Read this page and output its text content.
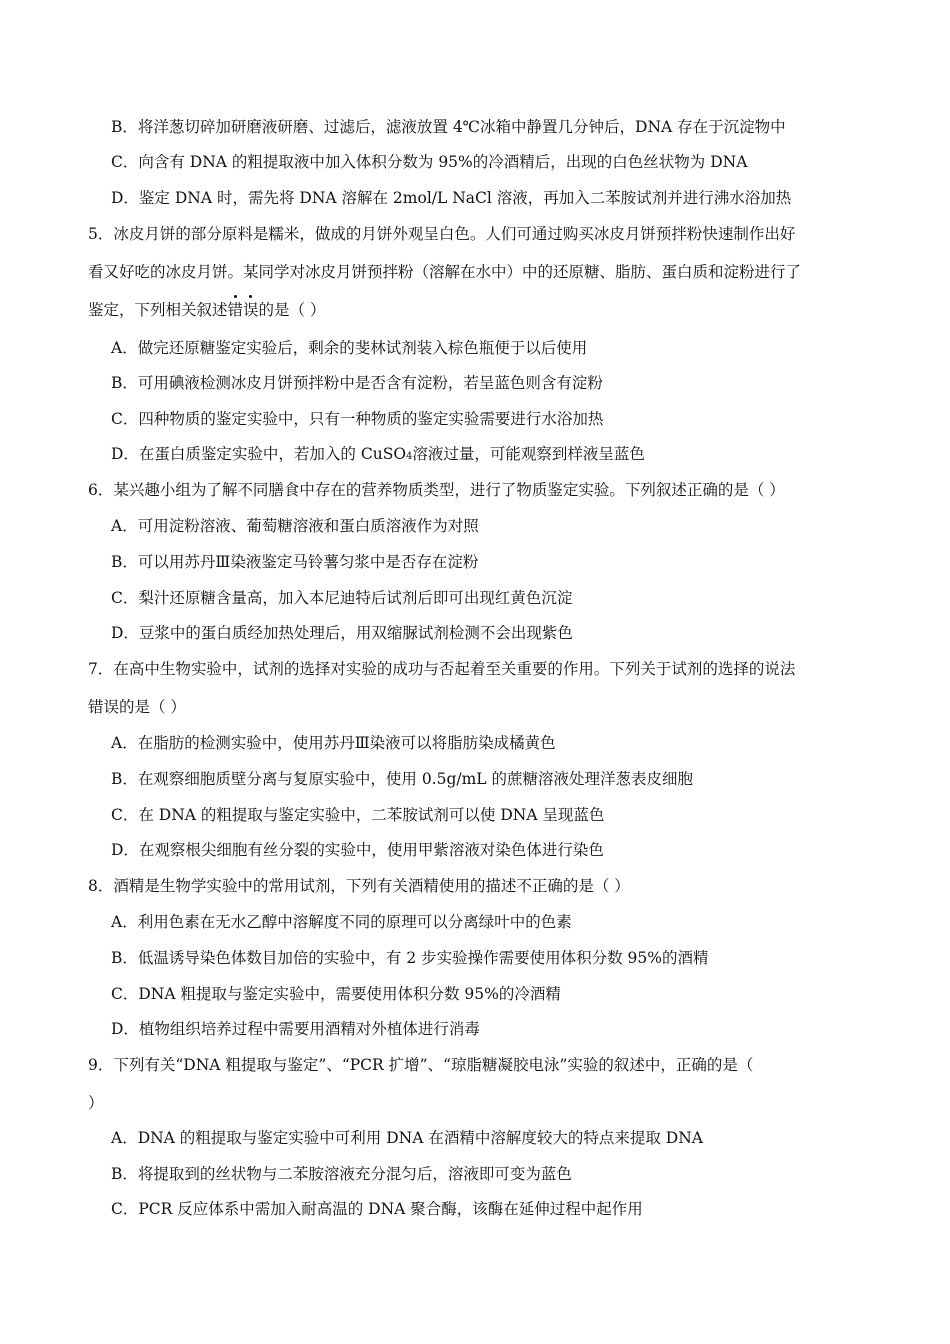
B．将洋葱切碎加研磨液研磨、过滤后，滤液放置 4℃冰箱中静置几分钟后，DNA 存在于沉淀物中
C．向含有 DNA 的粗提取液中加入体积分数为 95%的冷酒精后，出现的白色丝状物为 DNA
D．鉴定 DNA 时，需先将 DNA 溶解在 2mol/L NaCl 溶液，再加入二苯胺试剂并进行沸水浴加热
5．冰皮月饼的部分原料是糯米，做成的月饼外观呈白色。人们可通过购买冰皮月饼预拌粉快速制作出好
看又好吃的冰皮月饼。某同学对冰皮月饼预拌粉（溶解在水中）中的还原糖、脂肪、蛋白质和淀粉进行了
鉴定，下列相关叙述错误的是（ ）
A．做完还原糖鉴定实验后，剩余的斐林试剂装入棕色瓶便于以后使用
B．可用碘液检测冰皮月饼预拌粉中是否含有淀粉，若呈蓝色则含有淀粉
C．四种物质的鉴定实验中，只有一种物质的鉴定实验需要进行水浴加热
D．在蛋白质鉴定实验中，若加入的 CuSO4溶液过量，可能观察到样液呈蓝色
6．某兴趣小组为了解不同膳食中存在的营养物质类型，进行了物质鉴定实验。下列叙述正确的是（ ）
A．可用淀粉溶液、葡萄糖溶液和蛋白质溶液作为对照
B．可以用苏丹Ⅲ染液鉴定马铃薯匀浆中是否存在淀粉
C．梨汁还原糖含量高，加入本尼迪特后试剂后即可出现红黄色沉淀
D．豆浆中的蛋白质经加热处理后，用双缩脲试剂检测不会出现紫色
7．在高中生物实验中，试剂的选择对实验的成功与否起着至关重要的作用。下列关于试剂的选择的说法
错误的是（ ）
A．在脂肪的检测实验中，使用苏丹Ⅲ染液可以将脂肪染成橘黄色
B．在观察细胞质壁分离与复原实验中，使用 0.5g/mL 的蔗糖溶液处理洋葱表皮细胞
C．在 DNA 的粗提取与鉴定实验中，二苯胺试剂可以使 DNA 呈现蓝色
D．在观察根尖细胞有丝分裂的实验中，使用甲紫溶液对染色体进行染色
8．酒精是生物学实验中的常用试剂，下列有关酒精使用的描述不正确的是（ ）
A．利用色素在无水乙醇中溶解度不同的原理可以分离绿叶中的色素
B．低温诱导染色体数目加倍的实验中，有 2 步实验操作需要使用体积分数 95%的酒精
C．DNA 粗提取与鉴定实验中，需要使用体积分数 95%的冷酒精
D．植物组织培养过程中需要用酒精对外植体进行消毒
9．下列有关“DNA 粗提取与鉴定”、“PCR 扩增”、“琼脂糖凝胶电泳”实验的叙述中，正确的是（
）
A．DNA 的粗提取与鉴定实验中可利用 DNA 在酒精中溶解度较大的特点来提取 DNA
B．将提取到的丝状物与二苯胺溶液充分混匀后，溶液即可变为蓝色
C．PCR 反应体系中需加入耐高温的 DNA 聚合酶，该酶在延伸过程中起作用
